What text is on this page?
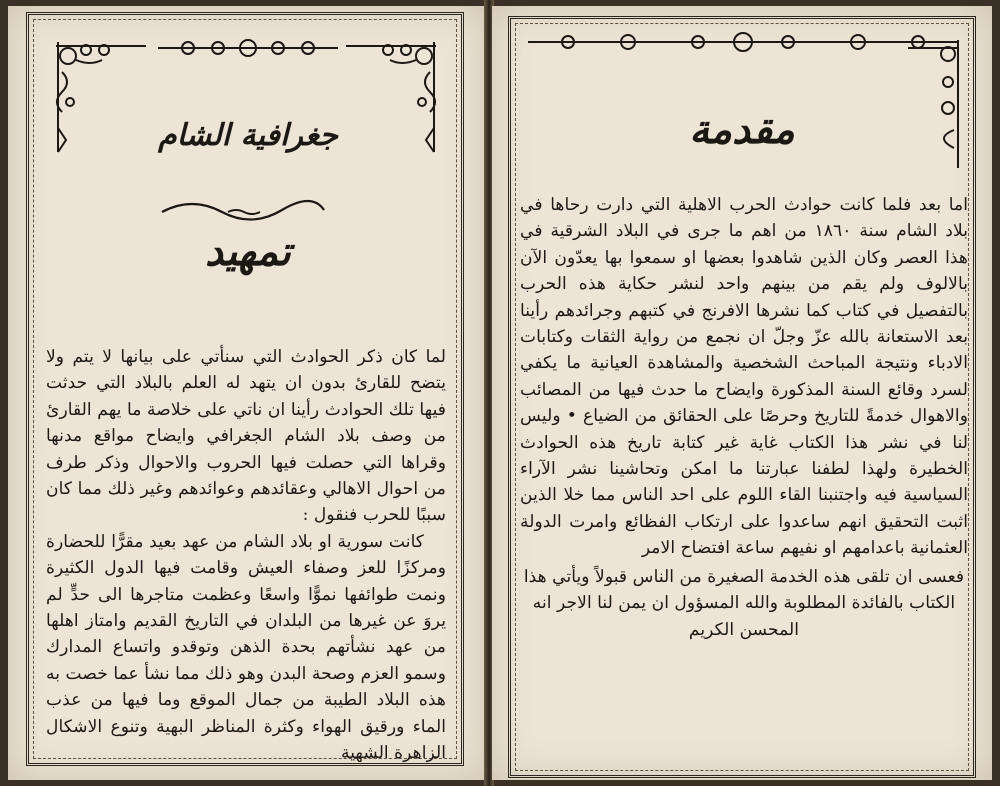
جغرافية الشام
تمهيد

لما كان ذكر الحوادث التي سنأتي على بيانها لا يتم ولا يتضح للقارئ بدون ان يتهد له العلم بالبلاد التي حدثت فيها تلك الحوادث رأينا ان ناتي على خلاصة ما يهم القارئ من وصف بلاد الشام الجغرافي وايضاح مواقع مدنها وقراها التي حصلت فيها الحروب والاحوال وذكر طرف من احوال الاهالي وعقائدهم وعوائدهم وغير ذلك مما كان سببًا للحرب فنقول :

كانت سورية او بلاد الشام من عهد بعيد مقرًّا للحضارة ومركزًا للعز وصفاء العيش وقامت فيها الدول الكثيرة ونمت طوائفها نموًّا واسعًا وعظمت متاجرها الى حدٍّ لم يروَ عن غيرها من البلدان في التاريخ القديم وامتاز اهلها من عهد نشأتهم بحدة الذهن وتوقدو واتساع المدارك وسمو العزم وصحة البدن وهو ذلك مما نشأ عما خصت به هذه البلاد الطيبة من جمال الموقع وما فيها من عذب الماء ورقيق الهواء وكثرة المناظر البهية وتنوع الاشكال الزاهرة الشهية

مقدمة

اما بعد فلما كانت حوادث الحرب الاهلية التي دارت رحاها في بلاد الشام سنة ١٨٦٠ من اهم ما جرى في البلاد الشرقية في هذا العصر وكان الذين شاهدوا بعضها او سمعوا بها يعدّون الآن بالالوف ولم يقم من بينهم واحد لنشر حكاية هذه الحرب بالتفصيل في كتاب كما نشرها الافرنج في كتبهم وجرائدهم رأينا بعد الاستعانة بالله عزّ وجلّ ان نجمع من رواية الثقات وكتابات الادباء ونتيجة المباحث الشخصية والمشاهدة العيانية ما يكفي لسرد وقائع السنة المذكورة وايضاح ما حدث فيها من المصائب والاهوال خدمةً للتاريخ وحرصًا على الحقائق من الضياع • وليس لنا في نشر هذا الكتاب غاية غير كتابة تاريخ هذه الحوادث الخطيرة ولهذا لطفنا عبارتنا ما امكن وتحاشينا نشر الآراء السياسية فيه واجتنبنا القاء اللوم على احد الناس مما خلا الذين اثبت التحقيق انهم ساعدوا على ارتكاب الفظائع وامرت الدولة العثمانية باعدامهم او نفيهم ساعة افتضاح الامر

فعسى ان تلقى هذه الخدمة الصغيرة من الناس قبولاً ويأتي هذا الكتاب بالفائدة المطلوبة والله المسؤول ان يمن لنا الاجر انه المحسن الكريم
